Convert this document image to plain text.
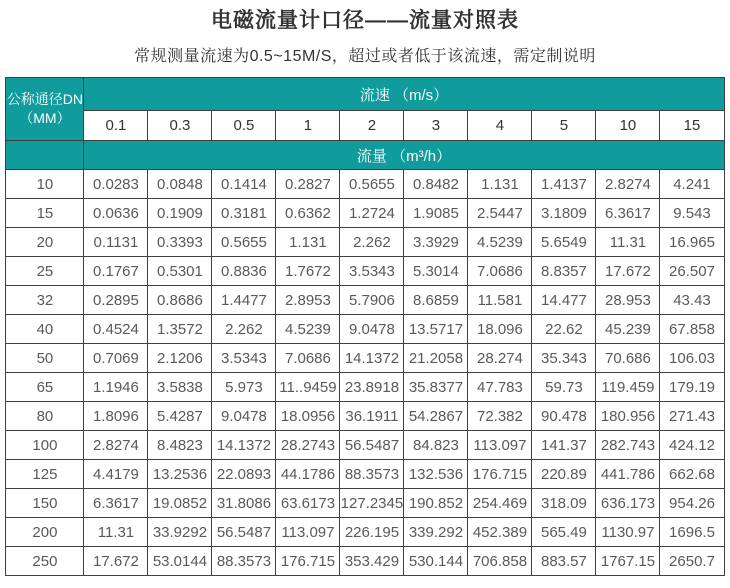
电磁流量计口径——流量对照表
常规测量流速为0.5~15M/S，超过或者低于该流速，需定制说明
公称通径DN
（MM）	流速 （m/s）									
	0.1	0.3	0.5	1	2	3	4	5	10	15
	流量 （m³/h）									
10	0.0283	0.0848	0.1414	0.2827	0.5655	0.8482	1.131	1.4137	2.8274	4.241
15	0.0636	0.1909	0.3181	0.6362	1.2724	1.9085	2.5447	3.1809	6.3617	9.543
20	0.1131	0.3393	0.5655	1.131	2.262	3.3929	4.5239	5.6549	11.31	16.965
25	0.1767	0.5301	0.8836	1.7672	3.5343	5.3014	7.0686	8.8357	17.672	26.507
32	0.2895	0.8686	1.4477	2.8953	5.7906	8.6859	11.581	14.477	28.953	43.43
40	0.4524	1.3572	2.262	4.5239	9.0478	13.5717	18.096	22.62	45.239	67.858
50	0.7069	2.1206	3.5343	7.0686	14.1372	21.2058	28.274	35.343	70.686	106.03
65	1.1946	3.5838	5.973	11..9459	23.8918	35.8377	47.783	59.73	119.459	179.19
80	1.8096	5.4287	9.0478	18.0956	36.1911	54.2867	72.382	90.478	180.956	271.43
100	2.8274	8.4823	14.1372	28.2743	56.5487	84.823	113.097	141.37	282.743	424.12
125	4.4179	13.2536	22.0893	44.1786	88.3573	132.536	176.715	220.89	441.786	662.68
150	6.3617	19.0852	31.8086	63.6173	127.2345	190.852	254.469	318.09	636.173	954.26
200	11.31	33.9292	56.5487	113.097	226.195	339.292	452.389	565.49	1130.97	1696.5
250	17.672	53.0144	88.3573	176.715	353.429	530.144	706.858	883.57	1767.15	2650.7
